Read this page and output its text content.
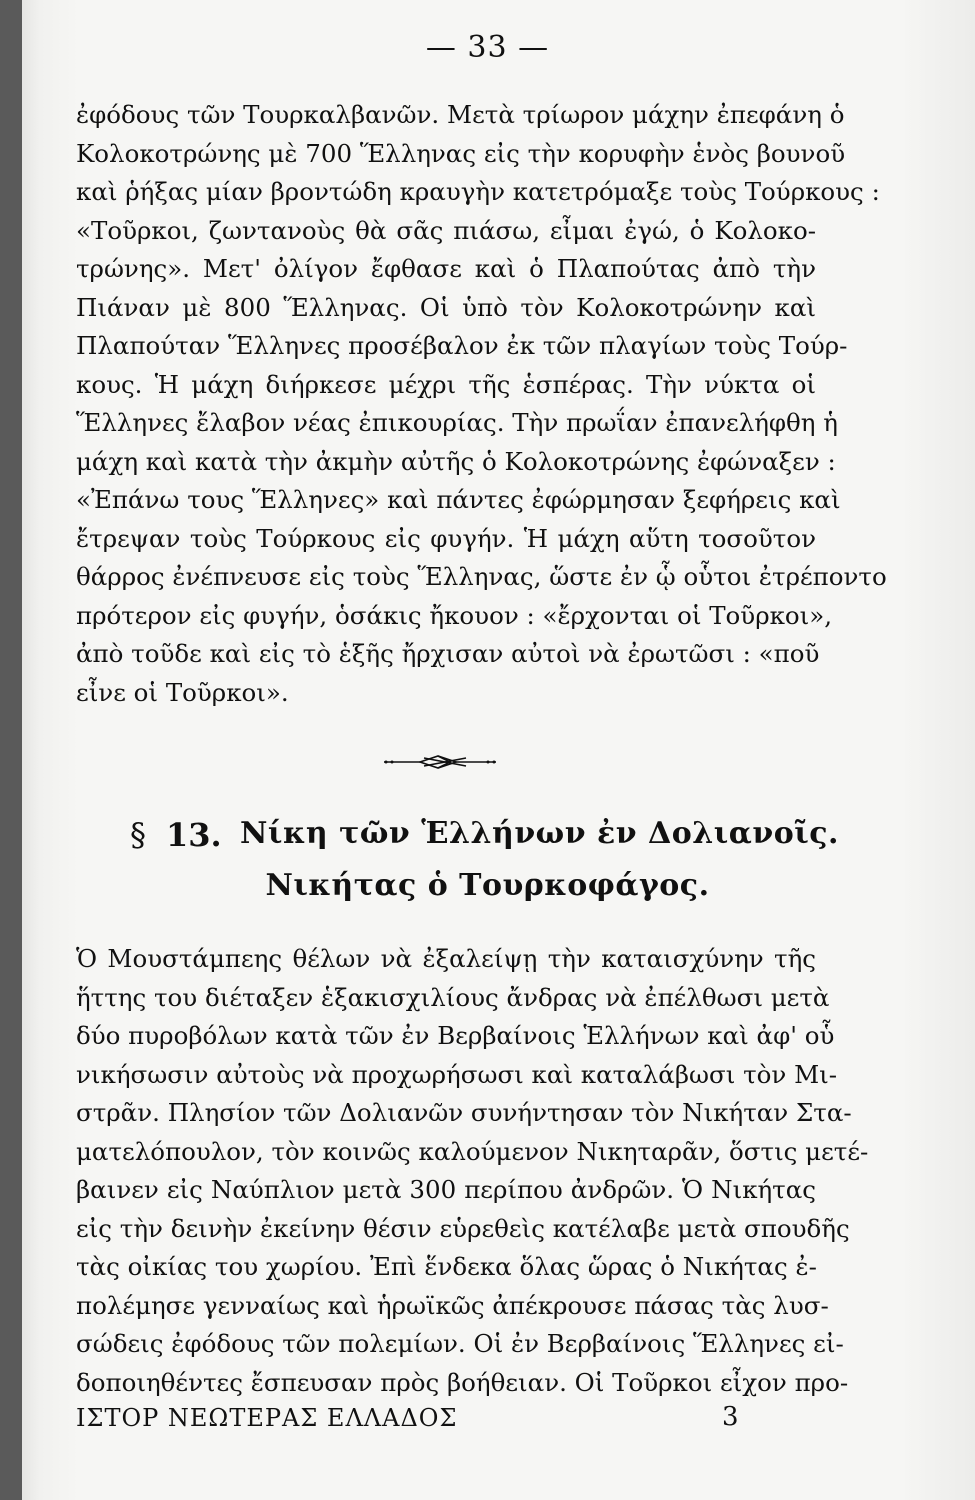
— 33 —
ἐφόδους τῶν Τουρκαλβανῶν. Μετὰ τρίωρον μάχην ἐπεφάνη ὁ
Κολοκοτρώνης μὲ 700 Ἕλληνας εἰς τὴν κορυφὴν ἑνὸς βουνοῦ
καὶ ῥήξας μίαν βροντώδη κραυγὴν κατετρόμαξε τοὺς Τούρκους :
«Τοῦρκοι, ζωντανοὺς θὰ σᾶς πιάσω, εἶμαι ἐγώ, ὁ Κολοκο-
τρώνης». Μετ' ὀλίγον ἔφθασε καὶ ὁ Πλαπούτας ἀπὸ τὴν
Πιάναν μὲ 800 Ἕλληνας. Οἱ ὑπὸ τὸν Κολοκοτρώνην καὶ
Πλαπούταν Ἕλληνες προσέβαλον ἐκ τῶν πλαγίων τοὺς Τούρ-
κους. Ἡ μάχη διήρκεσε μέχρι τῆς ἑσπέρας. Τὴν νύκτα οἱ
Ἕλληνες ἔλαβον νέας ἐπικουρίας. Τὴν πρωΐαν ἐπανελήφθη ἡ
μάχη καὶ κατὰ τὴν ἀκμὴν αὐτῆς ὁ Κολοκοτρώνης ἐφώναξεν :
«Ἐπάνω τους Ἕλληνες» καὶ πάντες ἐφώρμησαν ξεφήρεις καὶ
ἔτρεψαν τοὺς Τούρκους εἰς φυγήν. Ἡ μάχη αὕτη τοσοῦτον
θάρρος ἐνέπνευσε εἰς τοὺς Ἕλληνας, ὥστε ἐν ᾧ οὗτοι ἐτρέποντο
πρότερον εἰς φυγήν, ὁσάκις ἤκουον : «ἔρχονται οἱ Τοῦρκοι»,
ἀπὸ τοῦδε καὶ εἰς τὸ ἑξῆς ἤρχισαν αὐτοὶ νὰ ἐρωτῶσι : «ποῦ
εἶνε οἱ Τοῦρκοι».
§ 13. Νίκη τῶν Ἑλλήνων ἐν Δολιανοῖς.
Νικήτας ὁ Τουρκοφάγος.
Ὁ Μουστάμπεης θέλων νὰ ἐξαλείψῃ τὴν καταισχύνην τῆς
ἥττης του διέταξεν ἑξακισχιλίους ἄνδρας νὰ ἐπέλθωσι μετὰ
δύο πυροβόλων κατὰ τῶν ἐν Βερβαίνοις Ἑλλήνων καὶ ἀφ' οὗ
νικήσωσιν αὐτοὺς νὰ προχωρήσωσι καὶ καταλάβωσι τὸν Μι-
στρᾶν. Πλησίον τῶν Δολιανῶν συνήντησαν τὸν Νικήταν Στα-
ματελόπουλον, τὸν κοινῶς καλούμενον Νικηταρᾶν, ὅστις μετέ-
βαινεν εἰς Ναύπλιον μετὰ 300 περίπου ἀνδρῶν. Ὁ Νικήτας
εἰς τὴν δεινὴν ἐκείνην θέσιν εὑρεθεὶς κατέλαβε μετὰ σπουδῆς
τὰς οἰκίας του χωρίου. Ἐπὶ ἕνδεκα ὅλας ὥρας ὁ Νικήτας ἐ-
πολέμησε γενναίως καὶ ἡρωϊκῶς ἀπέκρουσε πάσας τὰς λυσ-
σώδεις ἐφόδους τῶν πολεμίων. Οἱ ἐν Βερβαίνοις Ἕλληνες εἰ-
δοποιηθέντες ἔσπευσαν πρὸς βοήθειαν. Οἱ Τοῦρκοι εἶχον προ-
ΙΣΤΟΡ ΝΕΩΤΕΡΑΣ ΕΛΛΑΔΟΣ	3
